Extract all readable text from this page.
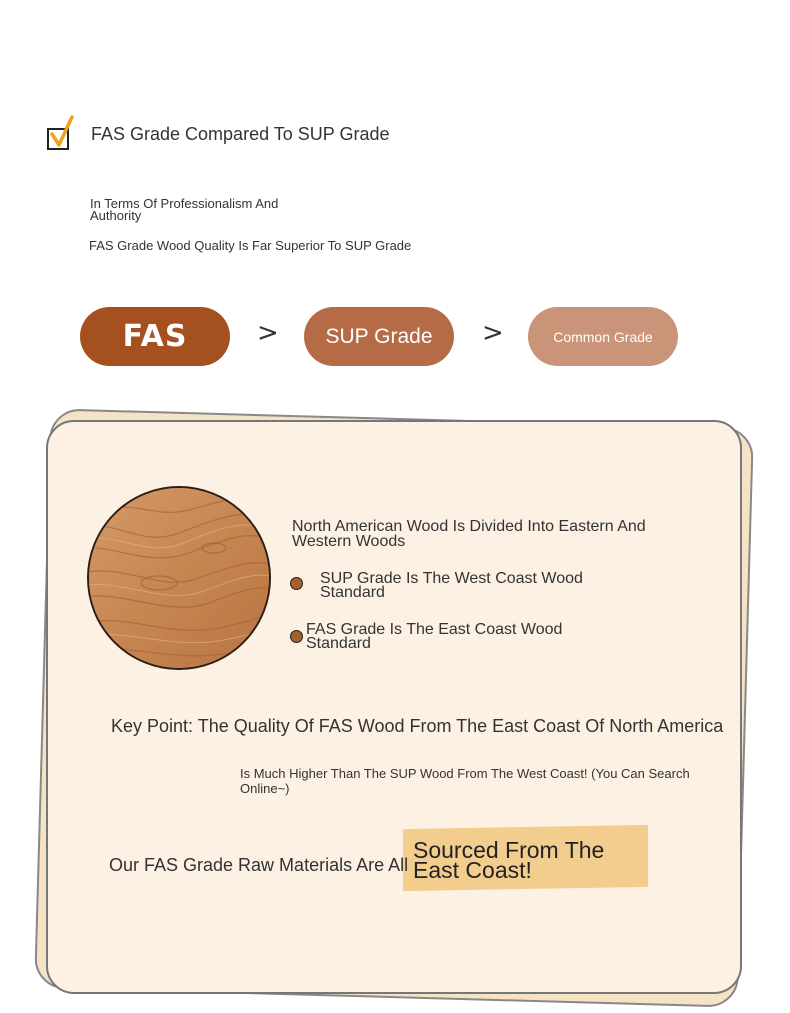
FAS Grade Compared To SUP Grade
In Terms Of Professionalism And Authority
FAS Grade Wood Quality Is Far Superior To SUP Grade
FAS	>	SUP Grade	>	Common Grade
North American Wood Is Divided Into Eastern And Western Woods
SUP Grade Is The West Coast Wood Standard
FAS Grade Is The East Coast Wood Standard
Key Point: The Quality Of FAS Wood From The East Coast Of North America
Is Much Higher Than The SUP Wood From The West Coast! (You Can Search Online~)
Our FAS Grade Raw Materials Are All
Sourced From The East Coast!
